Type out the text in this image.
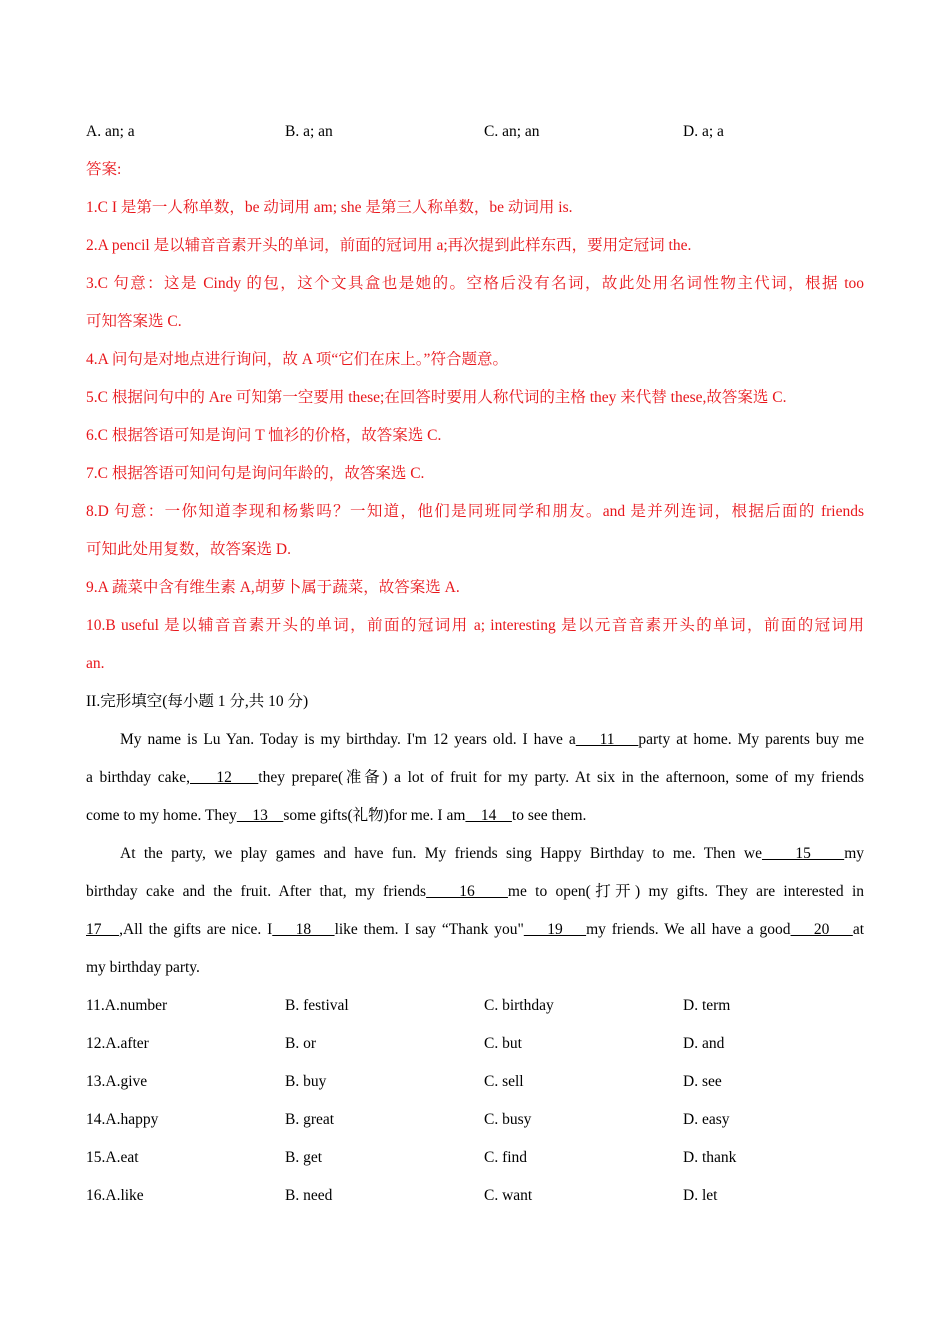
A. an; a	B. a; an	C. an; an	D. a; a
答案:
1.C I 是第一人称单数，be 动词用 am; she 是第三人称单数，be 动词用 is.
2.A pencil 是以辅音音素开头的单词，前面的冠词用 a;再次提到此样东西，要用定冠词 the.
3.C 句意：这是 Cindy 的包，这个文具盒也是她的。空格后没有名词，故此处用名词性物主代词，根据 too
可知答案选 C.
4.A 问句是对地点进行询问，故 A 项“它们在床上。”符合题意。
5.C 根据问句中的 Are 可知第一空要用 these;在回答时要用人称代词的主格 they 来代替 these,故答案选 C.
6.C 根据答语可知是询问 T 恤衫的价格，故答案选 C.
7.C 根据答语可知问句是询问年龄的，故答案选 C.
8.D 句意：一你知道李现和杨紫吗？一知道，他们是同班同学和朋友。and 是并列连词，根据后面的 friends
可知此处用复数，故答案选 D.
9.A 蔬菜中含有维生素 A,胡萝卜属于蔬菜，故答案选 A.
10.B useful 是以辅音音素开头的单词，前面的冠词用 a; interesting 是以元音音素开头的单词，前面的冠词用
an.
II.完形填空(每小题 1 分,共 10 分)
My name is Lu Yan. Today is my birthday. I'm 12 years old. I have a    11    party at home. My parents buy me
a birthday cake,    12    they prepare(准备) a lot of fruit for my party. At six in the afternoon, some of my friends
come to my home. They    13    some gifts(礼物)for me. I am    14    to see them.
At the party, we play games and have fun. My friends sing Happy Birthday to me. Then we    15    my
birthday cake and the fruit. After that, my friends    16    me to open(打开) my gifts. They are interested in
17   ,All the gifts are nice. I    18    like them. I say “Thank you"    19    my friends. We all have a good    20    at
my birthday party.
11.A.number	B. festival	C. birthday	D. term
12.A.after	B. or	C. but	D. and
13.A.give	B. buy	C. sell	D. see
14.A.happy	B. great	C. busy	D. easy
15.A.eat	B. get	C. find	D. thank
16.A.like	B. need	C. want	D. let
